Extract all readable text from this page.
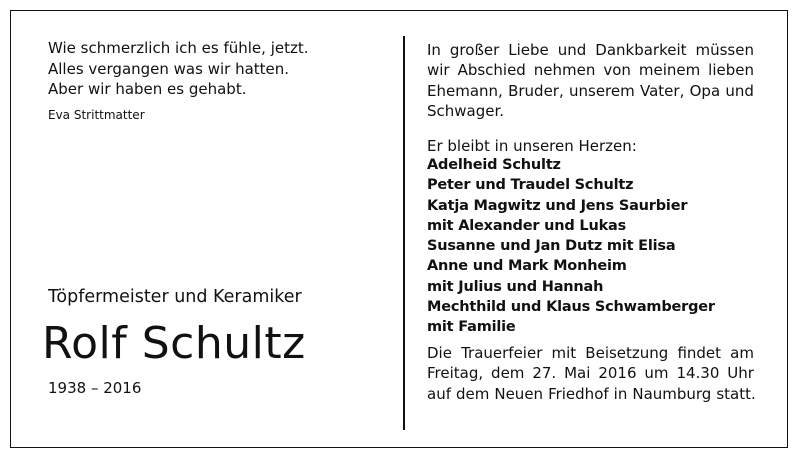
Wie schmerzlich ich es fühle, jetzt.
Alles vergangen was wir hatten.
Aber wir haben es gehabt.
Eva Strittmatter
Töpfermeister und Keramiker
Rolf Schultz
1938 – 2016
In großer Liebe und Dankbarkeit müssen
wir Abschied nehmen von meinem lieben
Ehemann, Bruder, unserem Vater, Opa und
Schwager.
Er bleibt in unseren Herzen:
Adelheid Schultz
Peter und Traudel Schultz
Katja Magwitz und Jens Saurbier
mit Alexander und Lukas
Susanne und Jan Dutz mit Elisa
Anne und Mark Monheim
mit Julius und Hannah
Mechthild und Klaus Schwamberger
mit Familie
Die Trauerfeier mit Beisetzung findet am
Freitag, dem 27. Mai 2016 um 14.30 Uhr
auf dem Neuen Friedhof in Naumburg statt.
